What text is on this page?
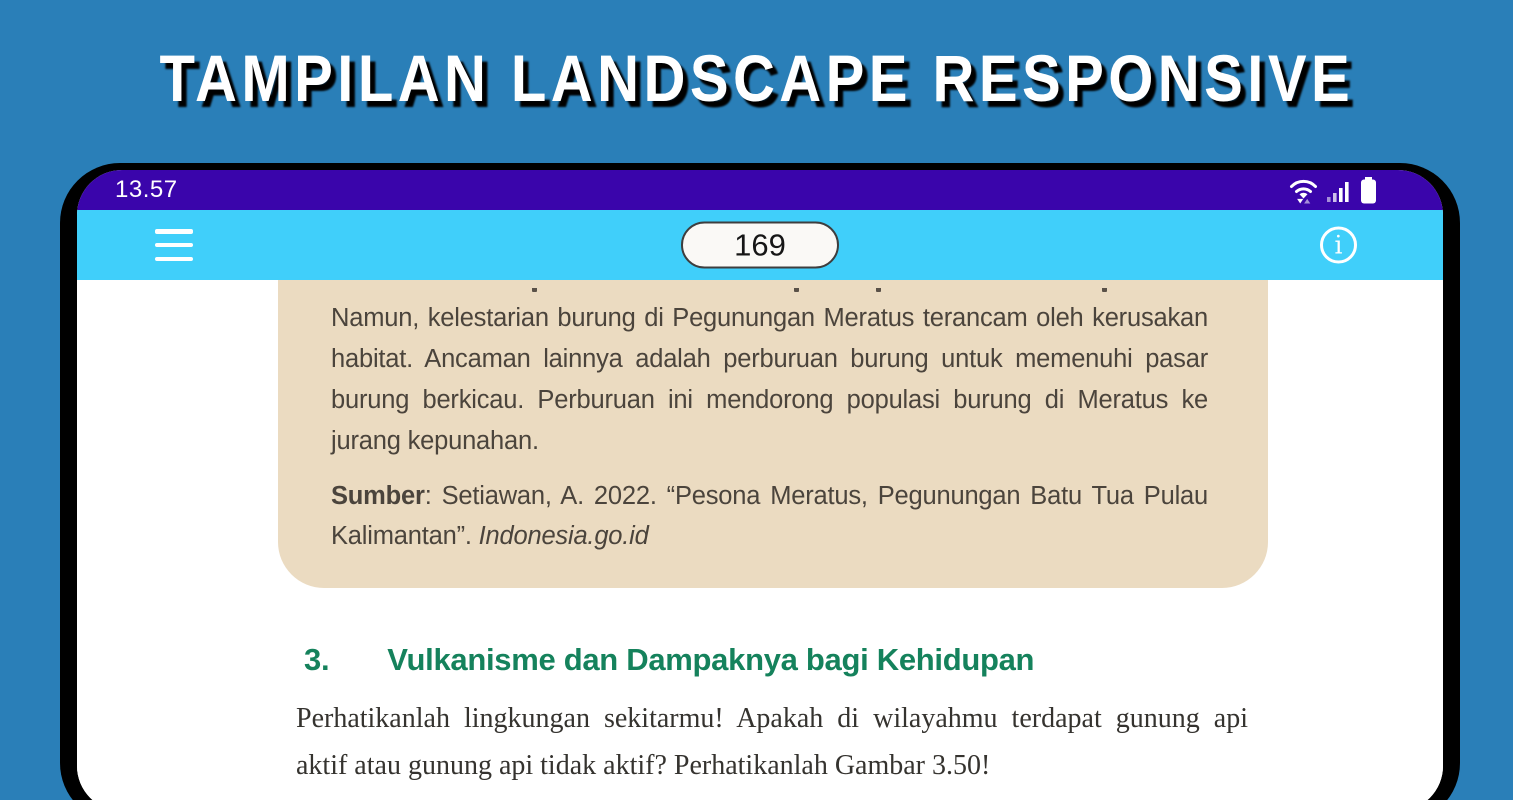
TAMPILAN LANDSCAPE RESPONSIVE
13.57
169	i

Namun, kelestarian burung di Pegunungan Meratus terancam oleh kerusakan habitat. Ancaman lainnya adalah perburuan burung untuk memenuhi pasar burung berkicau. Perburuan ini mendorong populasi burung di Meratus ke jurang kepunahan.

Sumber: Setiawan, A. 2022. “Pesona Meratus, Pegunungan Batu Tua Pulau Kalimantan”. Indonesia.go.id

3. Vulkanisme dan Dampaknya bagi Kehidupan

Perhatikanlah lingkungan sekitarmu! Apakah di wilayahmu terdapat gunung api aktif atau gunung api tidak aktif? Perhatikanlah Gambar 3.50!
